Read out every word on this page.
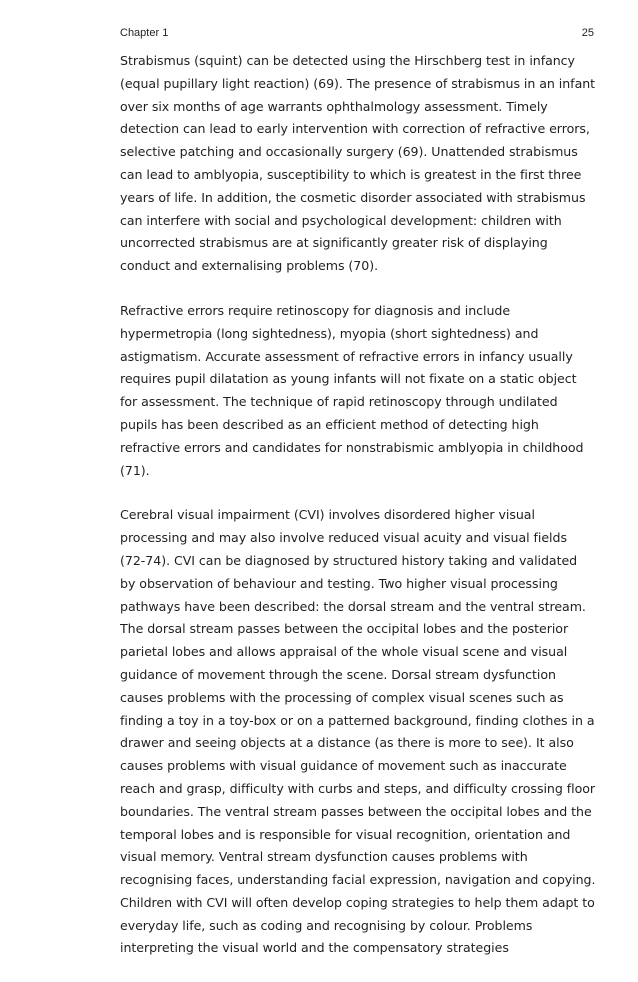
Chapter 1	25

Strabismus (squint) can be detected using the Hirschberg test in infancy (equal pupillary light reaction) (69). The presence of strabismus in an infant over six months of age warrants ophthalmology assessment. Timely detection can lead to early intervention with correction of refractive errors, selective patching and occasionally surgery (69). Unattended strabismus can lead to amblyopia, susceptibility to which is greatest in the first three years of life. In addition, the cosmetic disorder associated with strabismus can interfere with social and psychological development: children with uncorrected strabismus are at significantly greater risk of displaying conduct and externalising problems (70).

Refractive errors require retinoscopy for diagnosis and include hypermetropia (long sightedness), myopia (short sightedness) and astigmatism. Accurate assessment of refractive errors in infancy usually requires pupil dilatation as young infants will not fixate on a static object for assessment. The technique of rapid retinoscopy through undilated pupils has been described as an efficient method of detecting high refractive errors and candidates for nonstrabismic amblyopia in childhood (71).

Cerebral visual impairment (CVI) involves disordered higher visual processing and may also involve reduced visual acuity and visual fields (72-74). CVI can be diagnosed by structured history taking and validated by observation of behaviour and testing. Two higher visual processing pathways have been described: the dorsal stream and the ventral stream. The dorsal stream passes between the occipital lobes and the posterior parietal lobes and allows appraisal of the whole visual scene and visual guidance of movement through the scene. Dorsal stream dysfunction causes problems with the processing of complex visual scenes such as finding a toy in a toy-box or on a patterned background, finding clothes in a drawer and seeing objects at a distance (as there is more to see). It also causes problems with visual guidance of movement such as inaccurate reach and grasp, difficulty with curbs and steps, and difficulty crossing floor boundaries. The ventral stream passes between the occipital lobes and the temporal lobes and is responsible for visual recognition, orientation and visual memory. Ventral stream dysfunction causes problems with recognising faces, understanding facial expression, navigation and copying. Children with CVI will often develop coping strategies to help them adapt to everyday life, such as coding and recognising by colour. Problems interpreting the visual world and the compensatory strategies
